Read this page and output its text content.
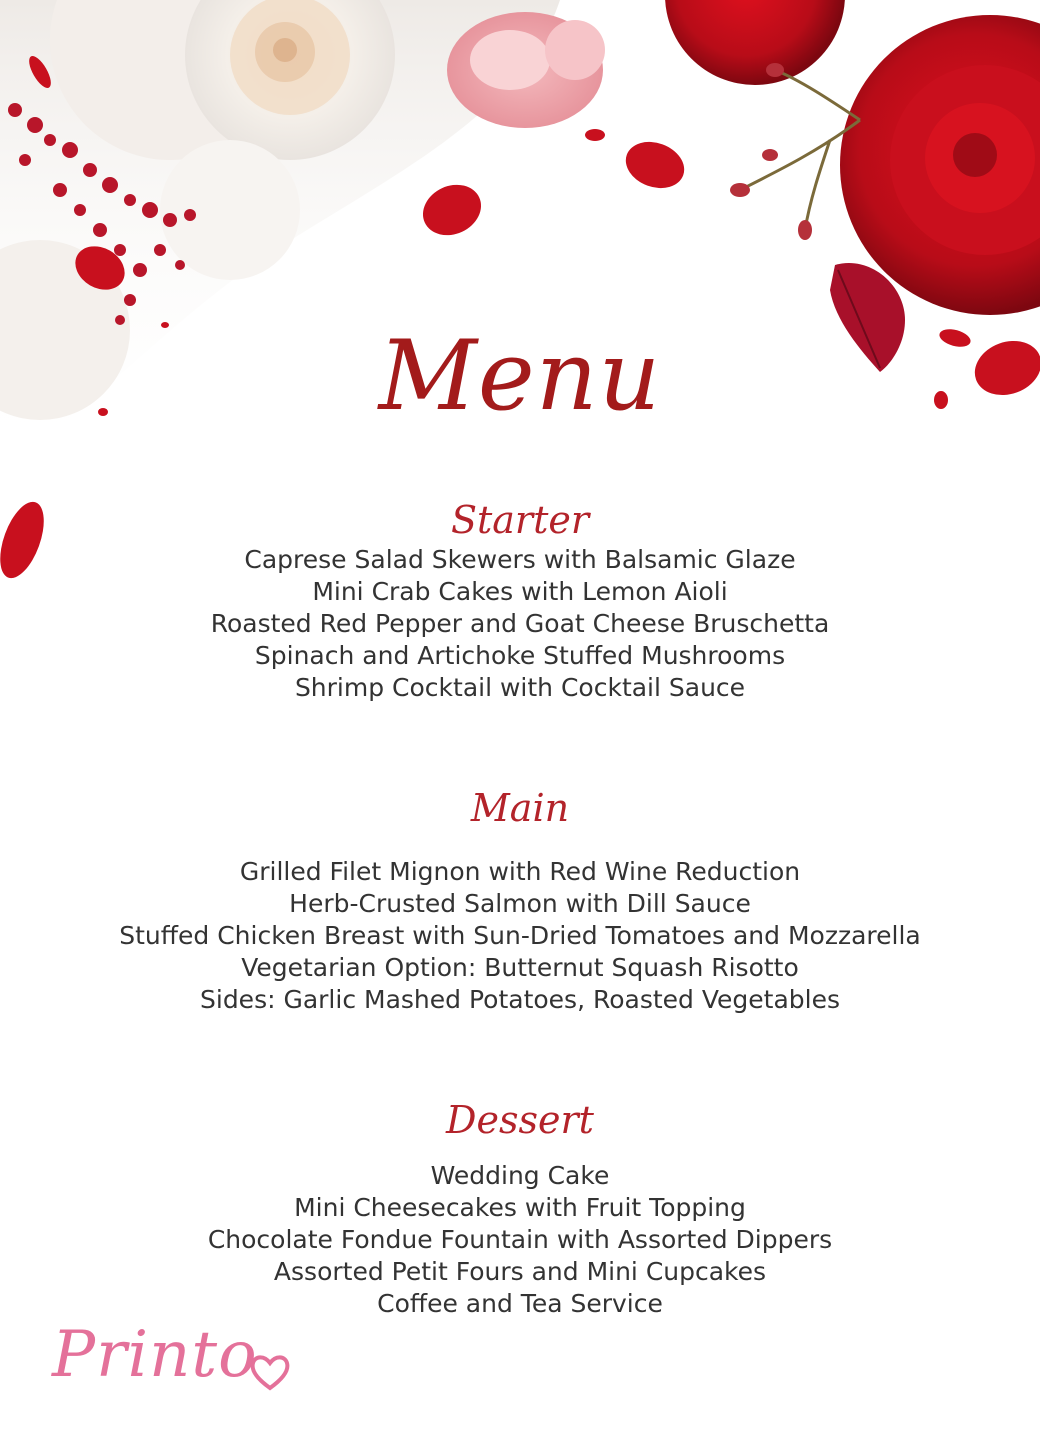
Menu
Starter
Caprese Salad Skewers with Balsamic Glaze
Mini Crab Cakes with Lemon Aioli
Roasted Red Pepper and Goat Cheese Bruschetta
Spinach and Artichoke Stuffed Mushrooms
Shrimp Cocktail with Cocktail Sauce
Main
Grilled Filet Mignon with Red Wine Reduction
Herb-Crusted Salmon with Dill Sauce
Stuffed Chicken Breast with Sun-Dried Tomatoes and Mozzarella
Vegetarian Option: Butternut Squash Risotto
Sides: Garlic Mashed Potatoes, Roasted Vegetables
Dessert
Wedding Cake
Mini Cheesecakes with Fruit Topping
Chocolate Fondue Fountain with Assorted Dippers
Assorted Petit Fours and Mini Cupcakes
Coffee and Tea Service
Printo
